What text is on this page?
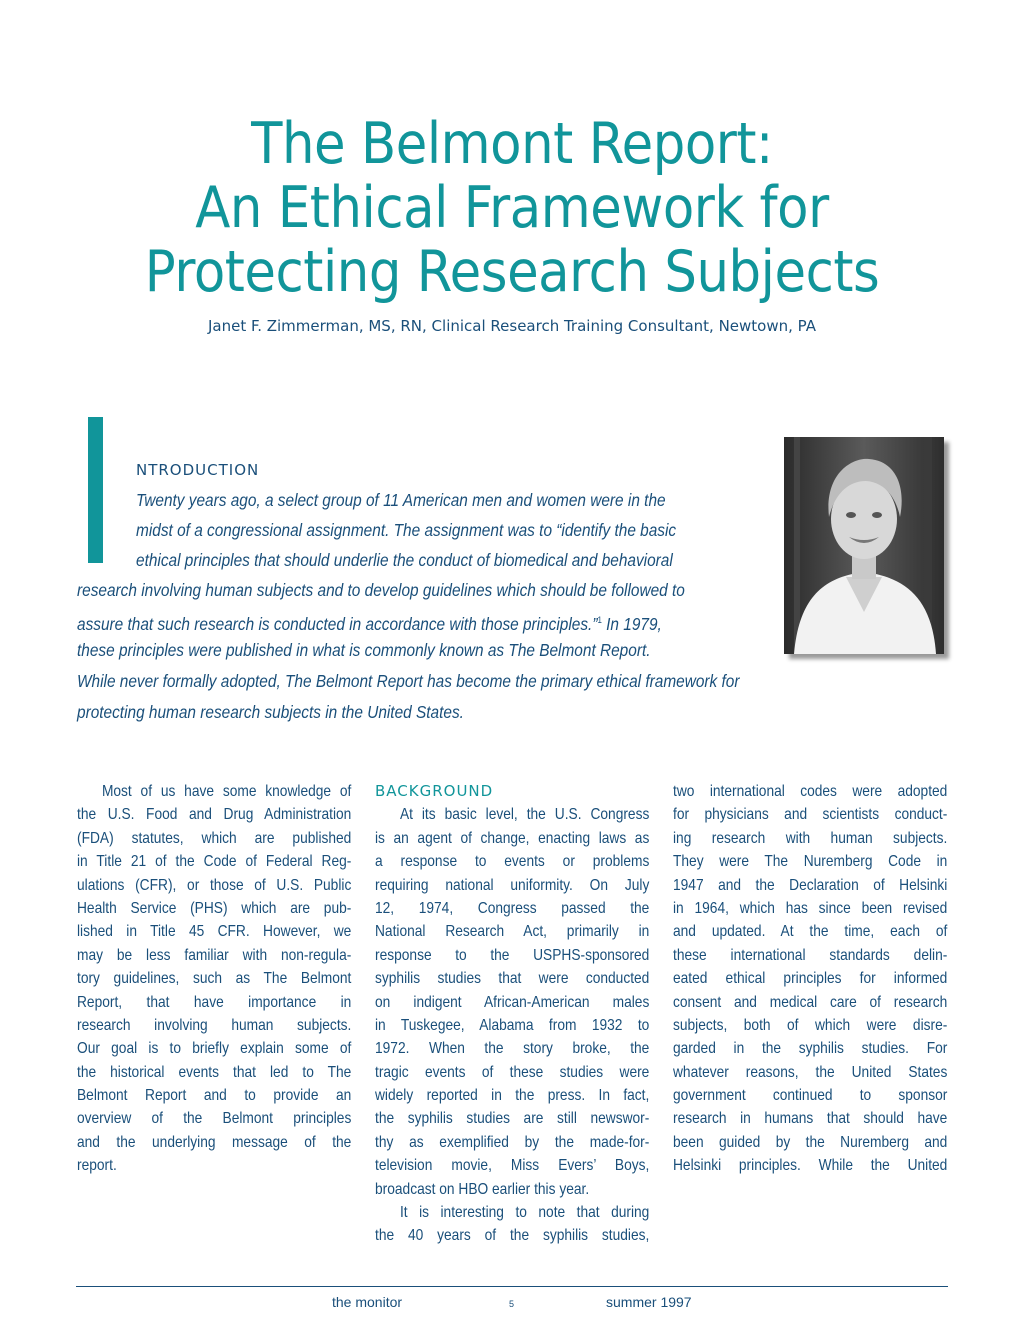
The Belmont Report:
An Ethical Framework for
Protecting Research Subjects
Janet F. Zimmerman, MS, RN, Clinical Research Training Consultant, Newtown, PA
NTRODUCTION
Twenty years ago, a select group of 11 American men and women were in the
midst of a congressional assignment. The assignment was to “identify the basic
ethical principles that should underlie the conduct of biomedical and behavioral
research involving human subjects and to develop guidelines which should be followed to
assure that such research is conducted in accordance with those principles.”$^1$ In 1979,
these principles were published in what is commonly known as The Belmont Report.
While never formally adopted, The Belmont Report has become the primary ethical framework for
protecting human research subjects in the United States.
Most of us have some knowledge of
the U.S. Food and Drug Administration
(FDA) statutes, which are published
in Title 21 of the Code of Federal Reg-
ulations (CFR), or those of U.S. Public
Health Service (PHS) which are pub-
lished in Title 45 CFR. However, we
may be less familiar with non-regula-
tory guidelines, such as The Belmont
Report, that have importance in
research involving human subjects.
Our goal is to briefly explain some of
the historical events that led to The
Belmont Report and to provide an
overview of the Belmont principles
and the underlying message of the
report.
BACKGROUND
At its basic level, the U.S. Congress
is an agent of change, enacting laws as
a response to events or problems
requiring national uniformity. On July
12, 1974, Congress passed the
National Research Act, primarily in
response to the USPHS-sponsored
syphilis studies that were conducted
on indigent African-American males
in Tuskegee, Alabama from 1932 to
1972. When the story broke, the
tragic events of these studies were
widely reported in the press. In fact,
the syphilis studies are still newswor-
thy as exemplified by the made-for-
television movie, Miss Evers’ Boys,
broadcast on HBO earlier this year.
It is interesting to note that during
the 40 years of the syphilis studies,
two international codes were adopted
for physicians and scientists conduct-
ing research with human subjects.
They were The Nuremberg Code in
1947 and the Declaration of Helsinki
in 1964, which has since been revised
and updated. At the time, each of
these international standards delin-
eated ethical principles for informed
consent and medical care of research
subjects, both of which were disre-
garded in the syphilis studies. For
whatever reasons, the United States
government continued to sponsor
research in humans that should have
been guided by the Nuremberg and
Helsinki principles. While the United
the monitor	5	summer 1997
